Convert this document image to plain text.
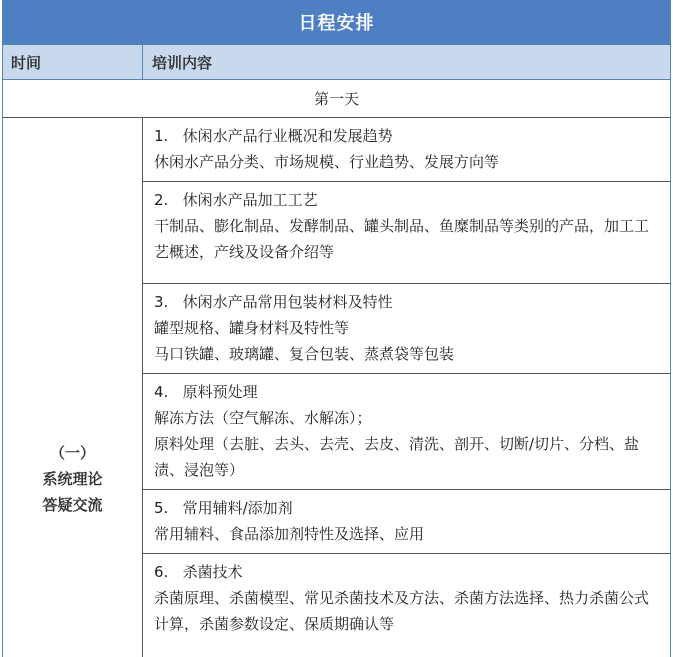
日程安排
时间	培训内容
第一天
（一）
系统理论
答疑交流
1.   休闲水产品行业概况和发展趋势
休闲水产品分类、市场规模、行业趋势、发展方向等
2.   休闲水产品加工工艺
干制品、膨化制品、发酵制品、罐头制品、鱼糜制品等类别的产品，加工工艺概述，产线及设备介绍等
3.   休闲水产品常用包装材料及特性
罐型规格、罐身材料及特性等
马口铁罐、玻璃罐、复合包装、蒸煮袋等包装
4.   原料预处理
解冻方法（空气解冻、水解冻）；
原料处理（去脏、去头、去壳、去皮、清洗、剖开、切断/切片、分档、盐渍、浸泡等）
5.   常用辅料/添加剂
常用辅料、食品添加剂特性及选择、应用
6.   杀菌技术
杀菌原理、杀菌模型、常见杀菌技术及方法、杀菌方法选择、热力杀菌公式计算，杀菌参数设定、保质期确认等
